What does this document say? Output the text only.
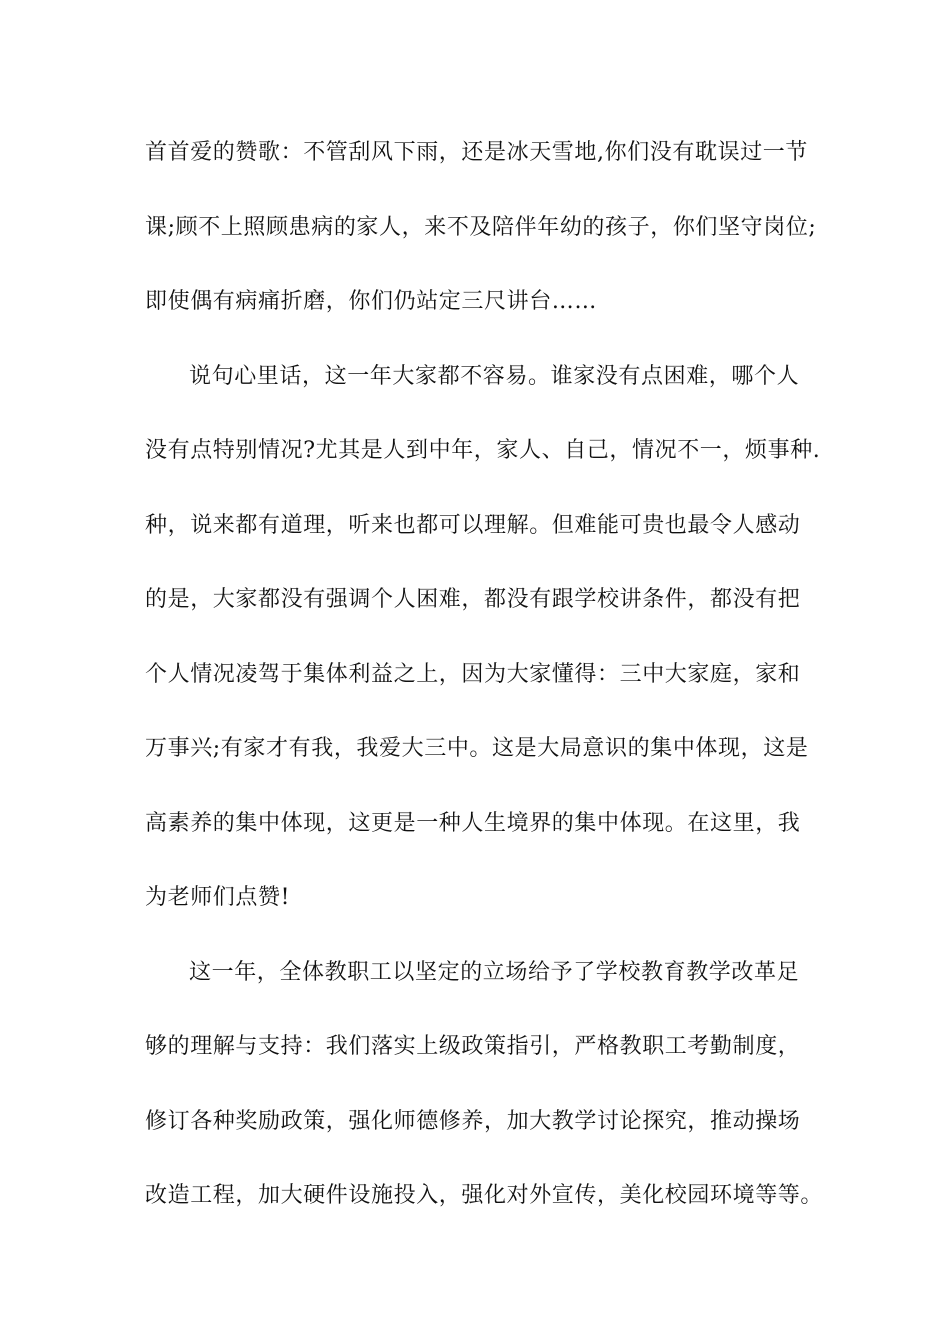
首首爱的赞歌：不管刮风下雨，还是冰天雪地,你们没有耽误过一节
课;顾不上照顾患病的家人，来不及陪伴年幼的孩子，你们坚守岗位;
即使偶有病痛折磨，你们仍站定三尺讲台……
说句心里话，这一年大家都不容易。谁家没有点困难，哪个人
没有点特别情况?尤其是人到中年，家人、自己，情况不一，烦事种.
种，说来都有道理，听来也都可以理解。但难能可贵也最令人感动
的是，大家都没有强调个人困难，都没有跟学校讲条件，都没有把
个人情况凌驾于集体利益之上，因为大家懂得：三中大家庭，家和
万事兴;有家才有我，我爱大三中。这是大局意识的集中体现，这是
高素养的集中体现，这更是一种人生境界的集中体现。在这里，我
为老师们点赞!
这一年，全体教职工以坚定的立场给予了学校教育教学改革足
够的理解与支持：我们落实上级政策指引，严格教职工考勤制度，
修订各种奖励政策，强化师德修养，加大教学讨论探究，推动操场
改造工程，加大硬件设施投入，强化对外宣传，美化校园环境等等。
